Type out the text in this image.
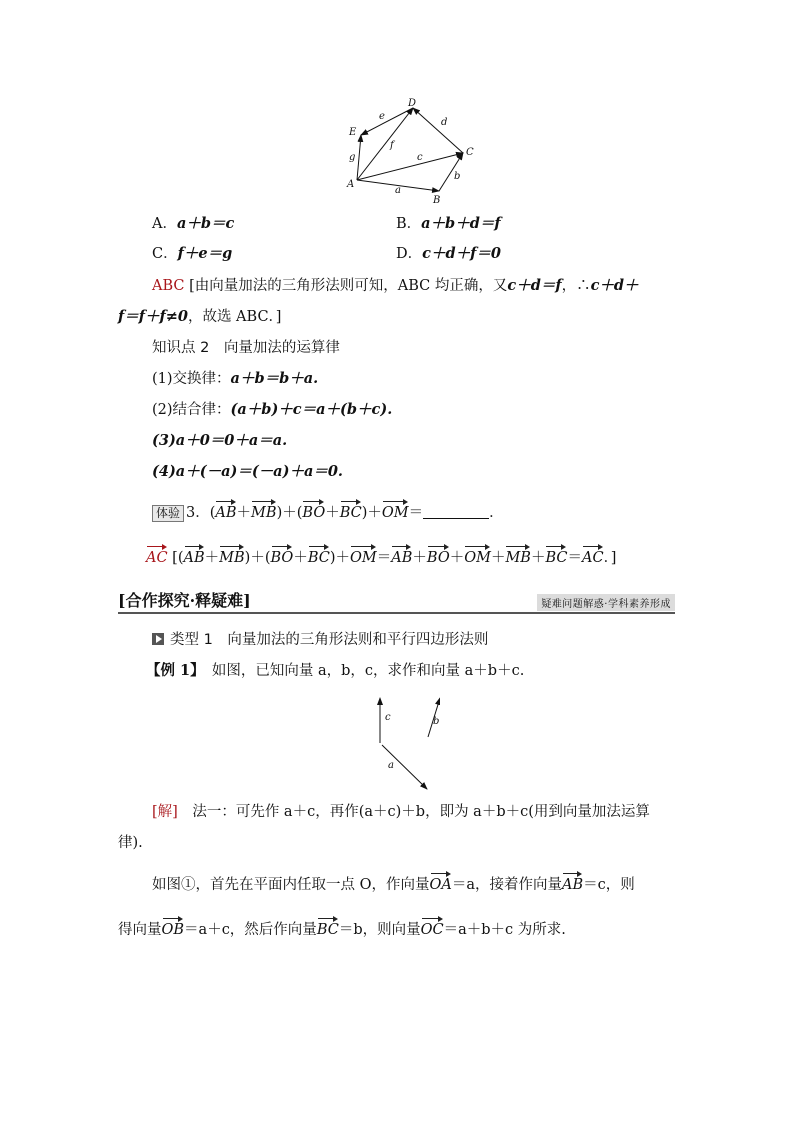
A
B
C
D
E
a
b
c
d
e
f
g
A．a＋b＝c	B．a＋b＋d＝f
C．f＋e＝g	D．c＋d＋f＝0
ABC [由向量加法的三角形法则可知，ABC 均正确，又c＋d＝f，∴c＋d＋
f＝f＋f≠0，故选 ABC．]
知识点 2　向量加法的运算律
(1)交换律：a＋b＝b＋a.
(2)结合律：(a＋b)＋c＝a＋(b＋c).
(3)a＋0＝0＋a＝a.
(4)a＋(－a)＝(－a)＋a＝0.
体验 3．(AB＋MB)＋(BO＋BC)＋OM＝	．
AC [(AB＋MB)＋(BO＋BC)＋OM＝AB＋BO＋OM＋MB＋BC＝AC．]
[合作探究·释疑难]	疑难问题解惑·学科素养形成
类型 1　向量加法的三角形法则和平行四边形法则
【例 1】　如图，已知向量 a，b，c，求作和向量 a＋b＋c.
c	b
a
[解]　法一：可先作 a＋c，再作(a＋c)＋b，即为 a＋b＋c(用到向量加法运算
律).
如图①，首先在平面内任取一点 O，作向量OA＝a，接着作向量AB＝c，则
得向量OB＝a＋c，然后作向量BC＝b，则向量OC＝a＋b＋c 为所求.
